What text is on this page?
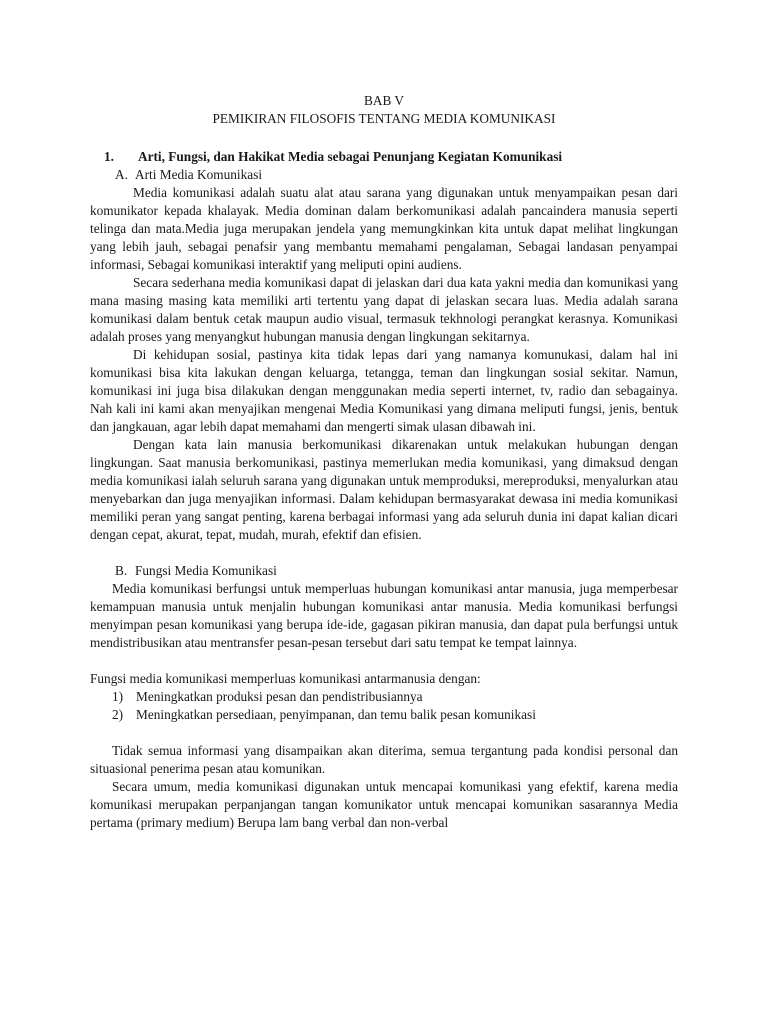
BAB V

PEMIKIRAN FILOSOFIS TENTANG MEDIA KOMUNIKASI

1.	Arti, Fungsi, dan Hakikat Media sebagai Penunjang Kegiatan Komunikasi

A. Arti Media Komunikasi

Media komunikasi adalah suatu alat atau sarana yang digunakan untuk menyampaikan pesan dari komunikator kepada khalayak. Media dominan dalam berkomunikasi adalah pancaindera manusia seperti telinga dan mata.Media juga merupakan jendela yang memungkinkan kita untuk dapat melihat lingkungan yang lebih jauh, sebagai penafsir yang membantu memahami pengalaman, Sebagai landasan penyampai informasi, Sebagai komunikasi interaktif yang meliputi opini audiens.

Secara sederhana media komunikasi dapat di jelaskan dari dua kata yakni media dan komunikasi yang mana masing masing kata memiliki arti tertentu yang dapat di jelaskan secara luas. Media adalah sarana komunikasi dalam bentuk cetak maupun audio visual, termasuk tekhnologi perangkat kerasnya. Komunikasi adalah proses yang menyangkut hubungan manusia dengan lingkungan sekitarnya.

Di kehidupan sosial, pastinya kita tidak lepas dari yang namanya komunukasi, dalam hal ini komunikasi bisa kita lakukan dengan keluarga, tetangga, teman dan lingkungan sosial sekitar. Namun, komunikasi ini juga bisa dilakukan dengan menggunakan media seperti internet, tv, radio dan sebagainya. Nah kali ini kami akan menyajikan mengenai Media Komunikasi yang dimana meliputi fungsi, jenis, bentuk dan jangkauan, agar lebih dapat memahami dan mengerti simak ulasan dibawah ini.

Dengan kata lain manusia berkomunikasi dikarenakan untuk melakukan hubungan dengan lingkungan. Saat manusia berkomunikasi, pastinya memerlukan media komunikasi, yang dimaksud dengan media komunikasi ialah seluruh sarana yang digunakan untuk memproduksi, mereproduksi, menyalurkan atau menyebarkan dan juga menyajikan informasi. Dalam kehidupan bermasyarakat dewasa ini media komunikasi memiliki peran yang sangat penting, karena berbagai informasi yang ada seluruh dunia ini dapat kalian dicari dengan cepat, akurat, tepat, mudah, murah, efektif dan efisien.

B. Fungsi Media Komunikasi

Media komunikasi berfungsi untuk memperluas hubungan komunikasi antar manusia, juga memperbesar kemampuan manusia untuk menjalin hubungan komunikasi antar manusia. Media komunikasi berfungsi menyimpan pesan komunikasi yang berupa ide-ide, gagasan pikiran manusia, dan dapat pula berfungsi untuk mendistribusikan atau mentransfer pesan-pesan tersebut dari satu tempat ke tempat lainnya.

Fungsi media komunikasi memperluas komunikasi antarmanusia dengan:

1) Meningkatkan produksi pesan dan pendistribusiannya

2) Meningkatkan persediaan, penyimpanan, dan temu balik pesan komunikasi

Tidak semua informasi yang disampaikan akan diterima, semua tergantung pada kondisi personal dan situasional penerima pesan atau komunikan.

Secara umum, media komunikasi digunakan untuk mencapai komunikasi yang efektif, karena media komunikasi merupakan perpanjangan tangan komunikator untuk mencapai komunikan sasarannya Media pertama (primary medium) Berupa lam bang verbal dan non-verbal
